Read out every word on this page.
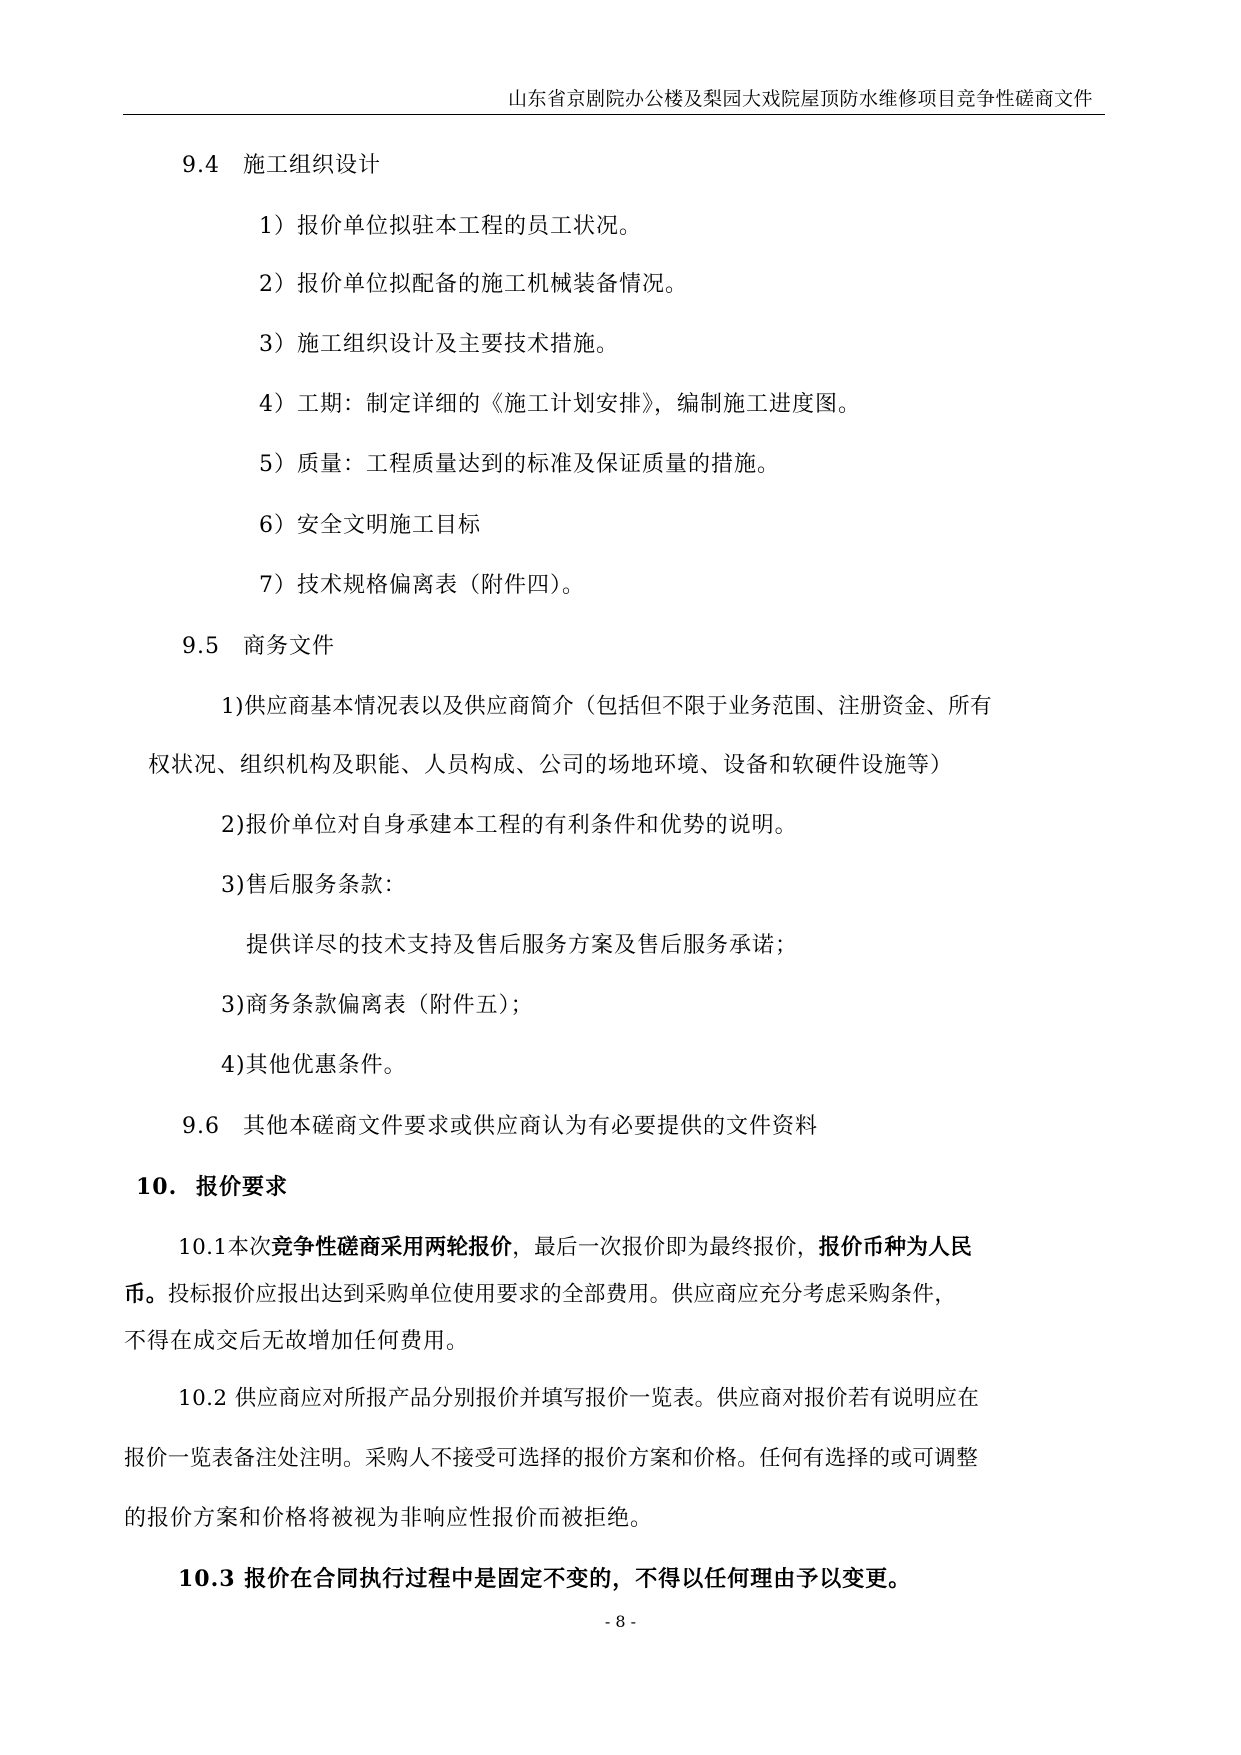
山东省京剧院办公楼及梨园大戏院屋顶防水维修项目竞争性磋商文件
9.4　施工组织设计
1）报价单位拟驻本工程的员工状况。
2）报价单位拟配备的施工机械装备情况。
3）施工组织设计及主要技术措施。
4）工期：制定详细的《施工计划安排》，编制施工进度图。
5）质量：工程质量达到的标准及保证质量的措施。
6）安全文明施工目标
7）技术规格偏离表（附件四）。
9.5　商务文件
1)供应商基本情况表以及供应商简介（包括但不限于业务范围、注册资金、所有
权状况、组织机构及职能、人员构成、公司的场地环境、设备和软硬件设施等）
2)报价单位对自身承建本工程的有利条件和优势的说明。
3)售后服务条款：
提供详尽的技术支持及售后服务方案及售后服务承诺；
3)商务条款偏离表（附件五）；
4)其他优惠条件。
9.6　其他本磋商文件要求或供应商认为有必要提供的文件资料
10. 报价要求
10.1本次竞争性磋商采用两轮报价，最后一次报价即为最终报价，报价币种为人民
币。投标报价应报出达到采购单位使用要求的全部费用。供应商应充分考虑采购条件，
不得在成交后无故增加任何费用。
10.2 供应商应对所报产品分别报价并填写报价一览表。供应商对报价若有说明应在
报价一览表备注处注明。采购人不接受可选择的报价方案和价格。任何有选择的或可调整
的报价方案和价格将被视为非响应性报价而被拒绝。
10.3 报价在合同执行过程中是固定不变的，不得以任何理由予以变更。
- 8 -
